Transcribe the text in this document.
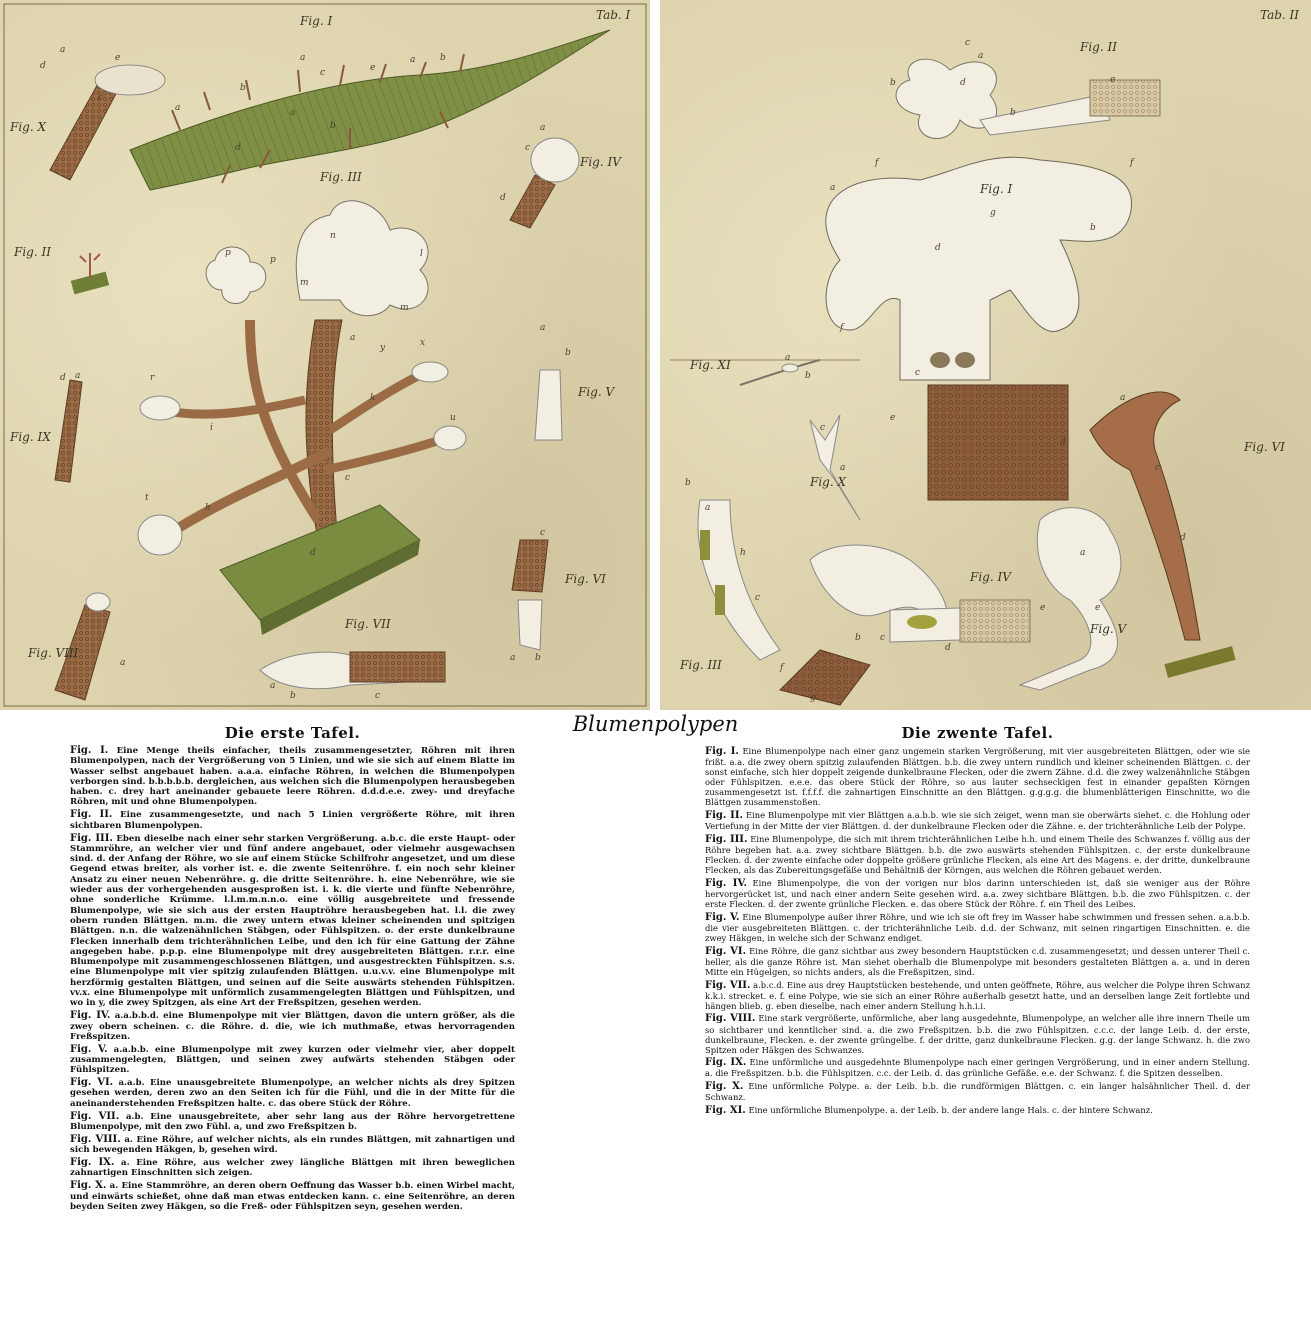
d
a
e
c
a
b
a
c	e
b
a
a
d
b
p
p
m
n
l
m
a
y	x
k
u
r
i
t
d
c
h
a
c
d
a
b
d a
c
a b
a
a
b	c
Tab. I
Fig. I
Fig. II
Fig. III
Fig. IV
Fig. V
Fig. VI
Fig. VII
Fig. VIII
Fig. IX
Fig. X
c
a
b	d
b
e
f
a
g
f
b
d
f
c
e
d
a
b
c
a
a
c
d
b
a
h
c
f
g
b c
d
e
a
e
Tab. II
Fig. II
Fig. I
Fig. III
Fig. IV
Fig. V
Fig. VI
Fig. X
Fig. XI
Blumenpolypen
Die erste Tafel.

Fig. I. Eine Menge theils einfacher, theils zusammengesetzter, Röhren mit ihren Blumenpolypen, nach der Vergrößerung von 5 Linien, und wie sie sich auf einem Blatte im Wasser selbst angebauet haben. a.a.a. einfache Röhren, in welchen die Blumenpolypen verborgen sind. b.b.b.b.b. dergleichen, aus welchen sich die Blumenpolypen herausbegeben haben. c. drey hart aneinander gebauete leere Röhren. d.d.d.e.e. zwey- und dreyfache Röhren, mit und ohne Blumenpolypen.

Fig. II. Eine zusammengesetzte, und nach 5 Linien vergrößerte Röhre, mit ihren sichtbaren Blumenpolypen.

Fig. III. Eben dieselbe nach einer sehr starken Vergrößerung. a.b.c. die erste Haupt- oder Stammröhre, an welcher vier und fünf andere angebauet, oder vielmehr ausgewachsen sind. d. der Anfang der Röhre, wo sie auf einem Stücke Schilfrohr angesetzet, und um diese Gegend etwas breiter, als vorher ist. e. die zwente Seitenröhre. f. ein noch sehr kleiner Ansatz zu einer neuen Nebenröhre. g. die dritte Seitenröhre. h. eine Nebenröhre, wie sie wieder aus der vorhergehenden ausgesproßen ist. i. k. die vierte und fünfte Nebenröhre, ohne sonderliche Krümme. l.l.m.m.n.n.o. eine völlig ausgebreitete und fressende Blumenpolype, wie sie sich aus der ersten Hauptröhre herausbegeben hat. l.l. die zwey obern runden Blättgen. m.m. die zwey untern etwas kleiner scheinenden und spitzigen Blättgen. n.n. die walzenähnlichen Stäbgen, oder Fühlspitzen. o. der erste dunkelbraune Flecken innerhalb dem trichterähnlichen Leibe, und den ich für eine Gattung der Zähne angegeben habe. p.p.p. eine Blumenpolype mit drey ausgebreiteten Blättgen. r.r.r. eine Blumenpolype mit zusammengeschlossenen Blättgen, und ausgestreckten Fühlspitzen. s.s. eine Blumenpolype mit vier spitzig zulaufenden Blättgen. u.u.v.v. eine Blumenpolype mit herzförmig gestalten Blättgen, und seinen auf die Seite auswärts stehenden Fühlspitzen. vv.x. eine Blumenpolype mit unförmlich zusammengelegten Blättgen und Fühlspitzen, und wo in y, die zwey Spitzgen, als eine Art der Freßspitzen, gesehen werden.

Fig. IV. a.a.b.b.d. eine Blumenpolype mit vier Blättgen, davon die untern größer, als die zwey obern scheinen. c. die Röhre. d. die, wie ich muthmaße, etwas hervorragenden Freßspitzen.

Fig. V. a.a.b.b. eine Blumenpolype mit zwey kurzen oder vielmehr vier, aber doppelt zusammengelegten, Blättgen, und seinen zwey aufwärts stehenden Stäbgen oder Fühlspitzen.

Fig. VI. a.a.b. Eine unausgebreitete Blumenpolype, an welcher nichts als drey Spitzen gesehen werden, deren zwo an den Seiten ich für die Fühl, und die in der Mitte für die aneinanderstehenden Freßspitzen halte. c. das obere Stück der Röhre.

Fig. VII. a.b. Eine unausgebreitete, aber sehr lang aus der Röhre hervorgetrettene Blumenpolype, mit den zwo Fühl. a, und zwo Freßspitzen b.

Fig. VIII. a. Eine Röhre, auf welcher nichts, als ein rundes Blättgen, mit zahnartigen und sich bewegenden Häkgen, b, gesehen wird.

Fig. IX. a. Eine Röhre, aus welcher zwey längliche Blättgen mit ihren beweglichen zahnartigen Einschnitten sich zeigen.

Fig. X. a. Eine Stammröhre, an deren obern Oeffnung das Wasser b.b. einen Wirbel macht, und einwärts schießet, ohne daß man etwas entdecken kann. c. eine Seitenröhre, an deren beyden Seiten zwey Häkgen, so die Freß- oder Fühlspitzen seyn, gesehen werden.

Die zwente Tafel.

Fig. I. Eine Blumenpolype nach einer ganz ungemein starken Vergrößerung, mit vier ausgebreiteten Blättgen, oder wie sie frißt. a.a. die zwey obern spitzig zulaufenden Blättgen. b.b. die zwey untern rundlich und kleiner scheinenden Blättgen. c. der sonst einfache, sich hier doppelt zeigende dunkelbraune Flecken, oder die zwern Zähne. d.d. die zwey walzenähnliche Stäbgen oder Fühlspitzen. e.e.e. das obere Stück der Röhre, so aus lauter sechseckigen fest in einander gepaßten Körngen zusammengesetzt ist. f.f.f.f. die zahnartigen Einschnitte an den Blättgen. g.g.g.g. die blumenblätterigen Einschnitte, wo die Blättgen zusammenstoßen.

Fig. II. Eine Blumenpolype mit vier Blättgen a.a.b.b. wie sie sich zeiget, wenn man sie oberwärts siehet. c. die Hohlung oder Vertiefung in der Mitte der vier Blättgen. d. der dunkelbraune Flecken oder die Zähne. e. der trichterähnliche Leib der Polype.

Fig. III. Eine Blumenpolype, die sich mit ihrem trichterähnlichen Leibe h.h. und einem Theile des Schwanzes f. völlig aus der Röhre begeben hat. a.a. zwey sichtbare Blättgen. b.b. die zwo auswärts stehenden Fühlspitzen. c. der erste dunkelbraune Flecken. d. der zwente einfache oder doppelte größere grünliche Flecken, als eine Art des Magens. e. der dritte, dunkelbraune Flecken, als das Zubereitungsgefäße und Behältniß der Körngen, aus welchen die Röhren gebauet werden.

Fig. IV. Eine Blumenpolype, die von der vorigen nur blos darinn unterschieden ist, daß sie weniger aus der Röhre hervorgerücket ist, und nach einer andern Seite gesehen wird. a.a. zwey sichtbare Blättgen. b.b. die zwo Fühlspitzen. c. der erste Flecken. d. der zwente grünliche Flecken. e. das obere Stück der Röhre. f. ein Theil des Leibes.

Fig. V. Eine Blumenpolype außer ihrer Röhre, und wie ich sie oft frey im Wasser habe schwimmen und fressen sehen. a.a.b.b. die vier ausgebreiteten Blättgen. c. der trichterähnliche Leib. d.d. der Schwanz, mit seinen ringartigen Einschnitten. e. die zwey Häkgen, in welche sich der Schwanz endiget.

Fig. VI. Eine Röhre, die ganz sichtbar aus zwey besondern Hauptstücken c.d. zusammengesetzt; und dessen unterer Theil c. heller, als die ganze Röhre ist. Man siehet oberhalb die Blumenpolype mit besonders gestalteten Blättgen a. a. und in deren Mitte ein Hügelgen, so nichts anders, als die Freßspitzen, sind.

Fig. VII. a.b.c.d. Eine aus drey Hauptstücken bestehende, und unten geöffnete, Röhre, aus welcher die Polype ihren Schwanz k.k.i. strecket. e. f. eine Polype, wie sie sich an einer Röhre außerhalb gesetzt hatte, und an derselben lange Zeit fortlebte und hängen blieb. g. eben dieselbe, nach einer andern Stellung h.h.i.i.

Fig. VIII. Eine stark vergrößerte, unförmliche, aber lang ausgedehnte, Blumenpolype, an welcher alle ihre innern Theile um so sichtbarer und kenntlicher sind. a. die zwo Freßspitzen. b.b. die zwo Fühlspitzen. c.c.c. der lange Leib. d. der erste, dunkelbraune, Flecken. e. der zwente grüngelbe. f. der dritte, ganz dunkelbraune Flecken. g.g. der lange Schwanz. h. die zwo Spitzen oder Häkgen des Schwanzes.

Fig. IX. Eine unförmliche und ausgedehnte Blumenpolype nach einer geringen Vergrößerung, und in einer andern Stellung. a. die Freßspitzen. b.b. die Fühlspitzen. c.c. der Leib. d. das grünliche Gefäße. e.e. der Schwanz. f. die Spitzen desselben.

Fig. X. Eine unförmliche Polype. a. der Leib. b.b. die rundförmigen Blättgen. c. ein langer halsähnlicher Theil. d. der Schwanz.

Fig. XI. Eine unförmliche Blumenpolype. a. der Leib. b. der andere lange Hals. c. der hintere Schwanz.
